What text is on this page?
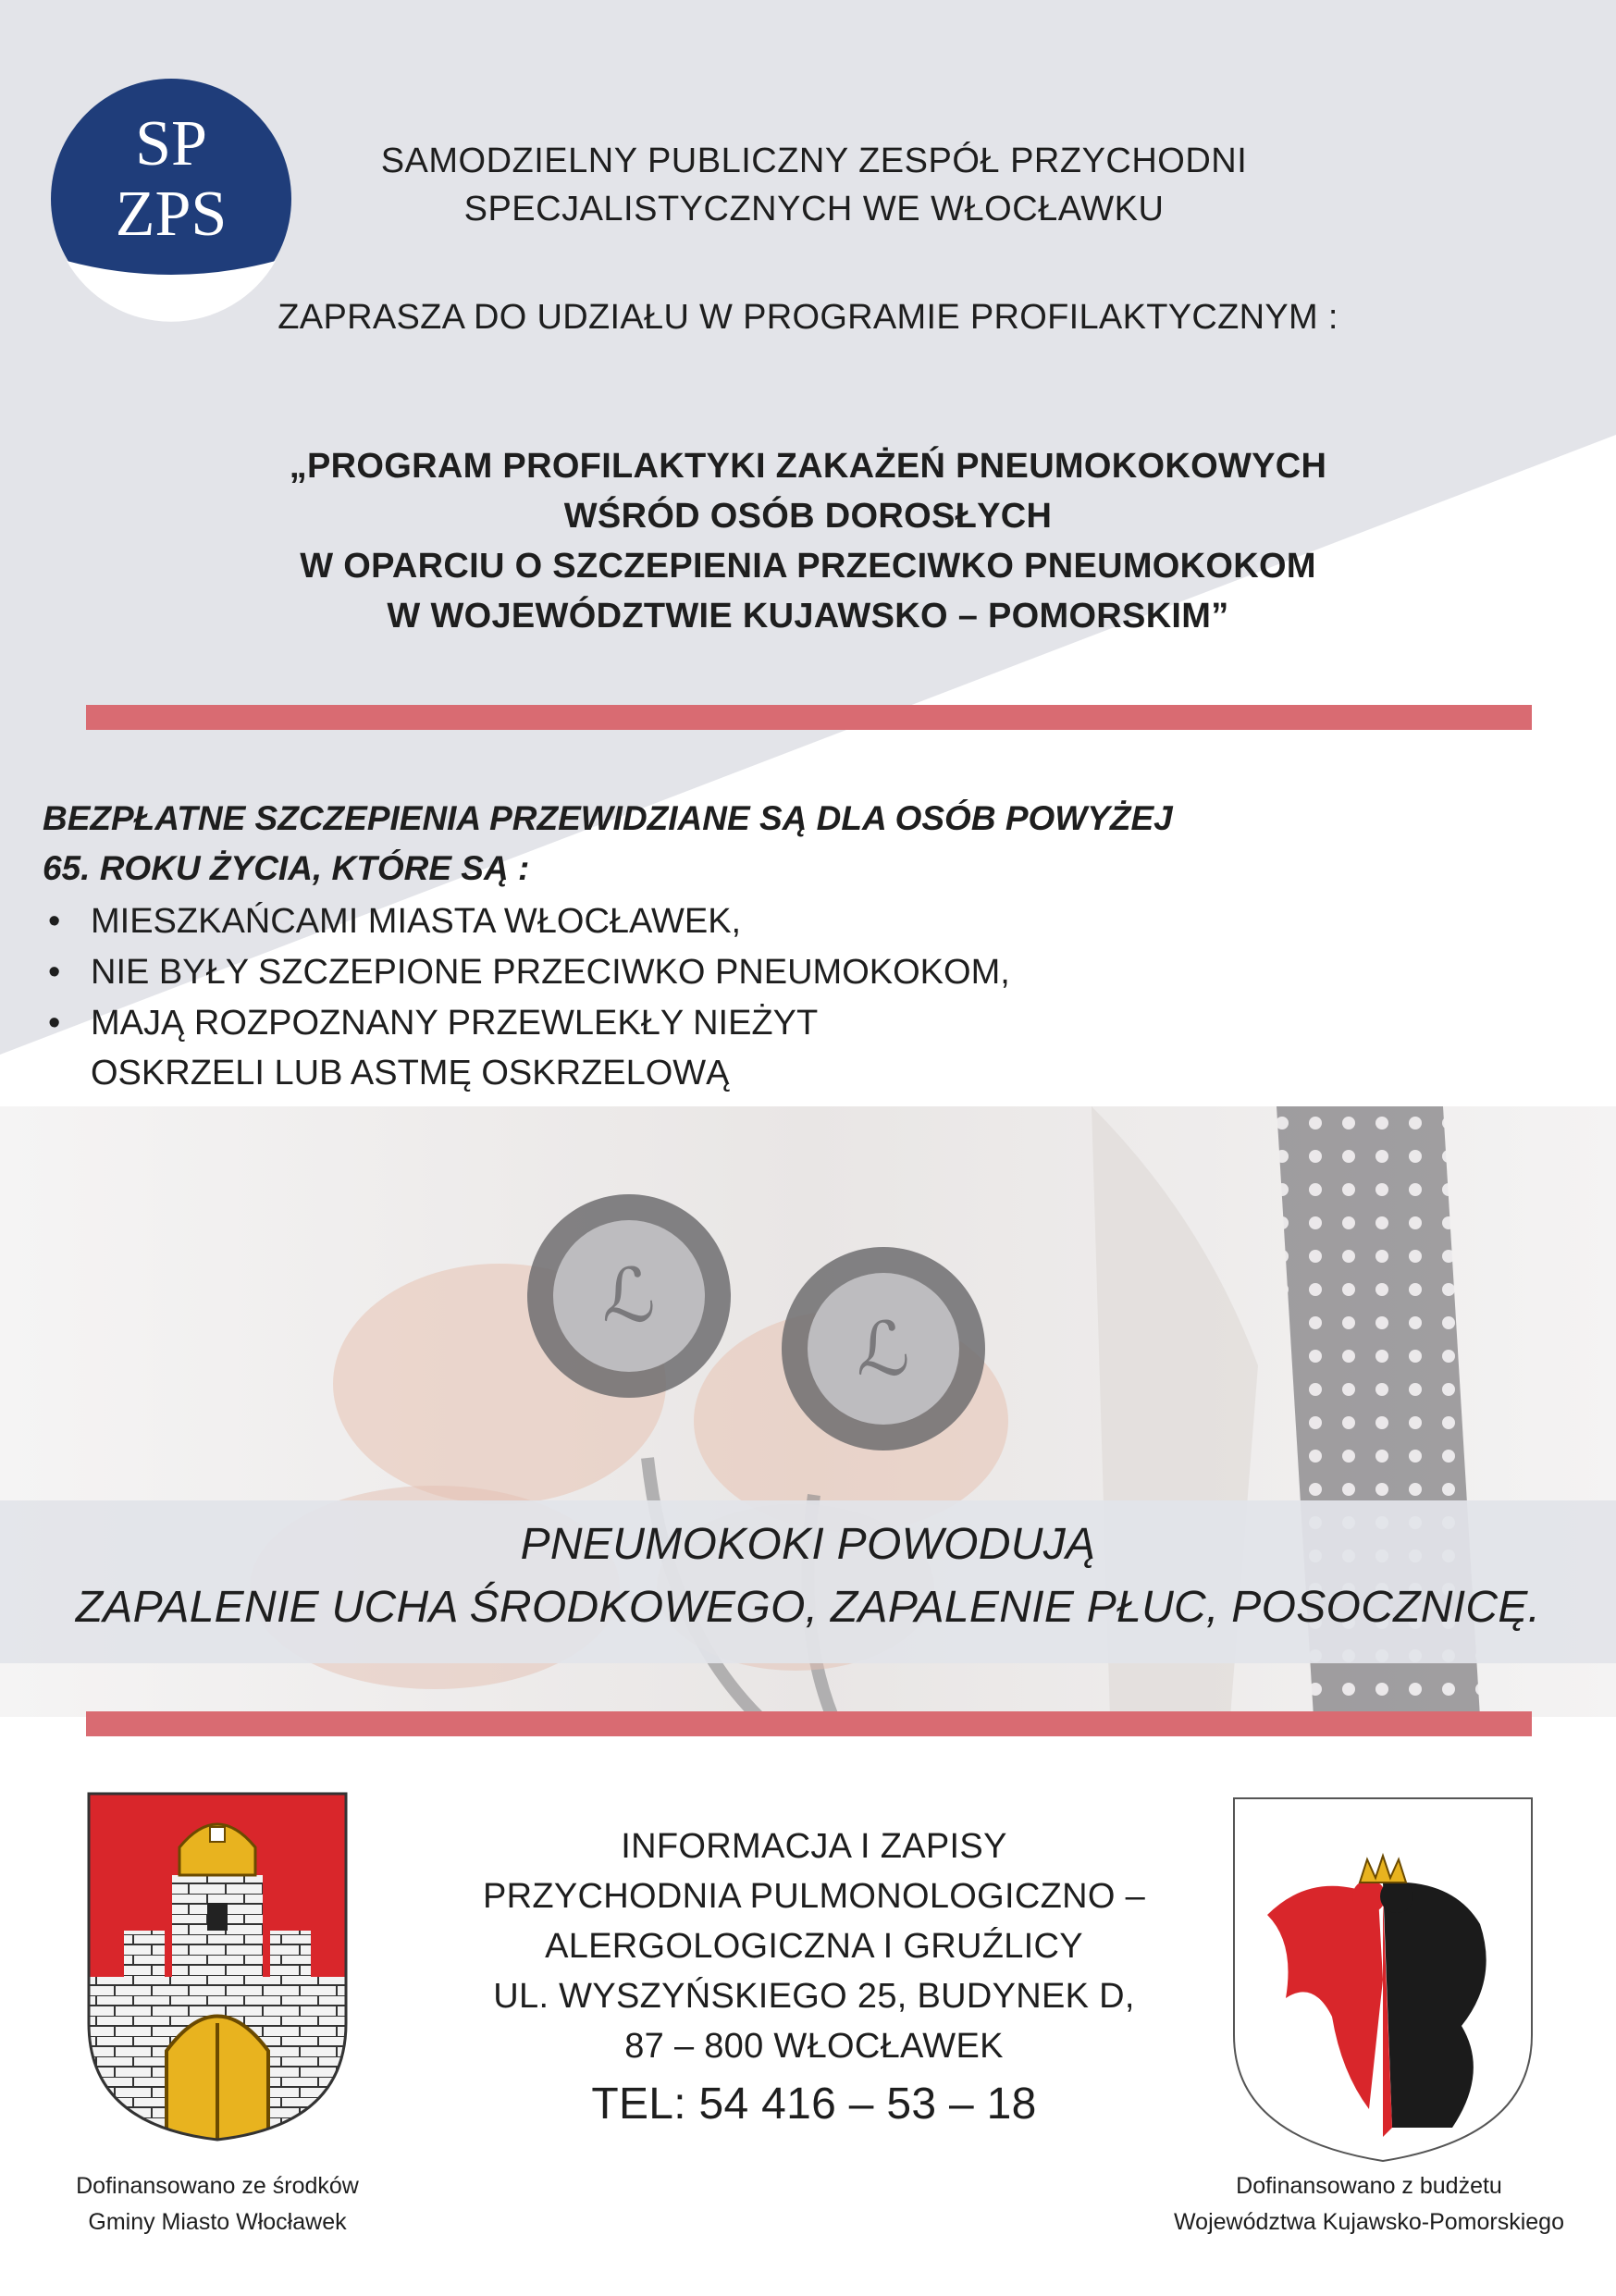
SP
ZPS
SAMODZIELNY PUBLICZNY ZESPÓŁ PRZYCHODNI
SPECJALISTYCZNYCH WE WŁOCŁAWKU
ZAPRASZA DO UDZIAŁU W PROGRAMIE PROFILAKTYCZNYM :
„PROGRAM PROFILAKTYKI ZAKAŻEŃ PNEUMOKOKOWYCH
WŚRÓD OSÓB DOROSŁYCH
W OPARCIU O SZCZEPIENIA PRZECIWKO PNEUMOKOKOM
W WOJEWÓDZTWIE KUJAWSKO – POMORSKIM”
BEZPŁATNE SZCZEPIENIA PRZEWIDZIANE SĄ DLA OSÓB POWYŻEJ
65. ROKU ŻYCIA, KTÓRE SĄ :
• MIESZKAŃCAMI MIASTA WŁOCŁAWEK,
• NIE BYŁY SZCZEPIONE PRZECIWKO PNEUMOKOKOM,
• MAJĄ ROZPOZNANY PRZEWLEKŁY NIEŻYT OSKRZELI LUB ASTMĘ OSKRZELOWĄ
ℒ
ℒ
PNEUMOKOKI POWODUJĄ
ZAPALENIE UCHA ŚRODKOWEGO, ZAPALENIE PŁUC, POSOCZNICĘ.
INFORMACJA I ZAPISY
PRZYCHODNIA PULMONOLOGICZNO –
ALERGOLOGICZNA I GRUŹLICY
UL. WYSZYŃSKIEGO 25, BUDYNEK D,
87 – 800 WŁOCŁAWEK
TEL: 54 416 – 53 – 18
Dofinansowano ze środków
Gminy Miasto Włocławek
Dofinansowano z budżetu
Województwa Kujawsko-Pomorskiego
